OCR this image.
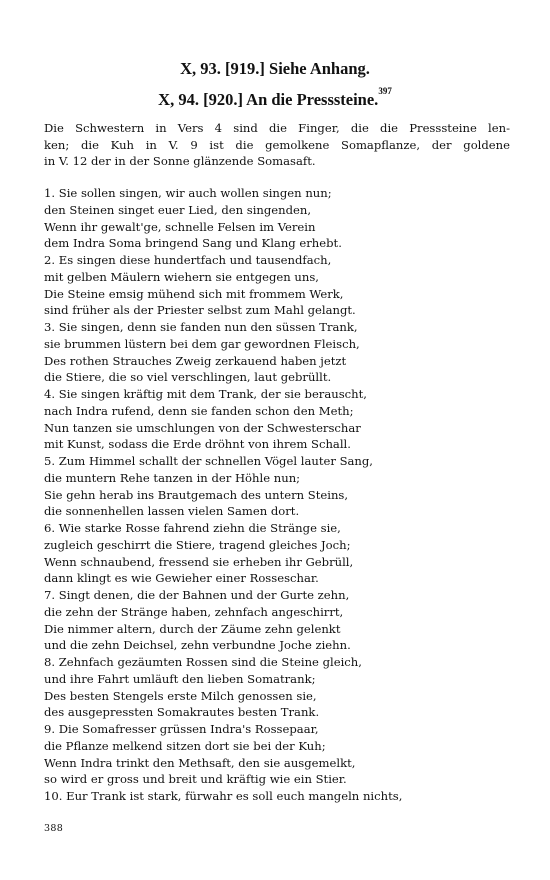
X, 93. [919.] Siehe Anhang.
X, 94. [920.] An die Presssteine.$^{397}$
Die Schwestern in Vers 4 sind die Finger, die die Presssteine len-
ken; die Kuh in V. 9 ist die gemolkene Somapflanze, der goldene
in V. 12 der in der Sonne glänzende Somasaft.
1. Sie sollen singen, wir auch wollen singen nun;
den Steinen singet euer Lied, den singenden,
Wenn ihr gewalt'ge, schnelle Felsen im Verein
dem Indra Soma bringend Sang und Klang erhebt.
2. Es singen diese hundertfach und tausendfach,
mit gelben Mäulern wiehern sie entgegen uns,
Die Steine emsig mühend sich mit frommem Werk,
sind früher als der Priester selbst zum Mahl gelangt.
3. Sie singen, denn sie fanden nun den süssen Trank,
sie brummen lüstern bei dem gar gewordnen Fleisch,
Des rothen Strauches Zweig zerkauend haben jetzt
die Stiere, die so viel verschlingen, laut gebrüllt.
4. Sie singen kräftig mit dem Trank, der sie berauscht,
nach Indra rufend, denn sie fanden schon den Meth;
Nun tanzen sie umschlungen von der Schwesterschar
mit Kunst, sodass die Erde dröhnt von ihrem Schall.
5. Zum Himmel schallt der schnellen Vögel lauter Sang,
die muntern Rehe tanzen in der Höhle nun;
Sie gehn herab ins Brautgemach des untern Steins,
die sonnenhellen lassen vielen Samen dort.
6. Wie starke Rosse fahrend ziehn die Stränge sie,
zugleich geschirrt die Stiere, tragend gleiches Joch;
Wenn schnaubend, fressend sie erheben ihr Gebrüll,
dann klingt es wie Gewieher einer Rosseschar.
7. Singt denen, die der Bahnen und der Gurte zehn,
die zehn der Stränge haben, zehnfach angeschirrt,
Die nimmer altern, durch der Zäume zehn gelenkt
und die zehn Deichsel, zehn verbundne Joche ziehn.
8. Zehnfach gezäumten Rossen sind die Steine gleich,
und ihre Fahrt umläuft den lieben Somatrank;
Des besten Stengels erste Milch genossen sie,
des ausgepressten Somakrautes besten Trank.
9. Die Somafresser grüssen Indra's Rossepaar,
die Pflanze melkend sitzen dort sie bei der Kuh;
Wenn Indra trinkt den Methsaft, den sie ausgemelkt,
so wird er gross und breit und kräftig wie ein Stier.
10. Eur Trank ist stark, fürwahr es soll euch mangeln nichts,
388
